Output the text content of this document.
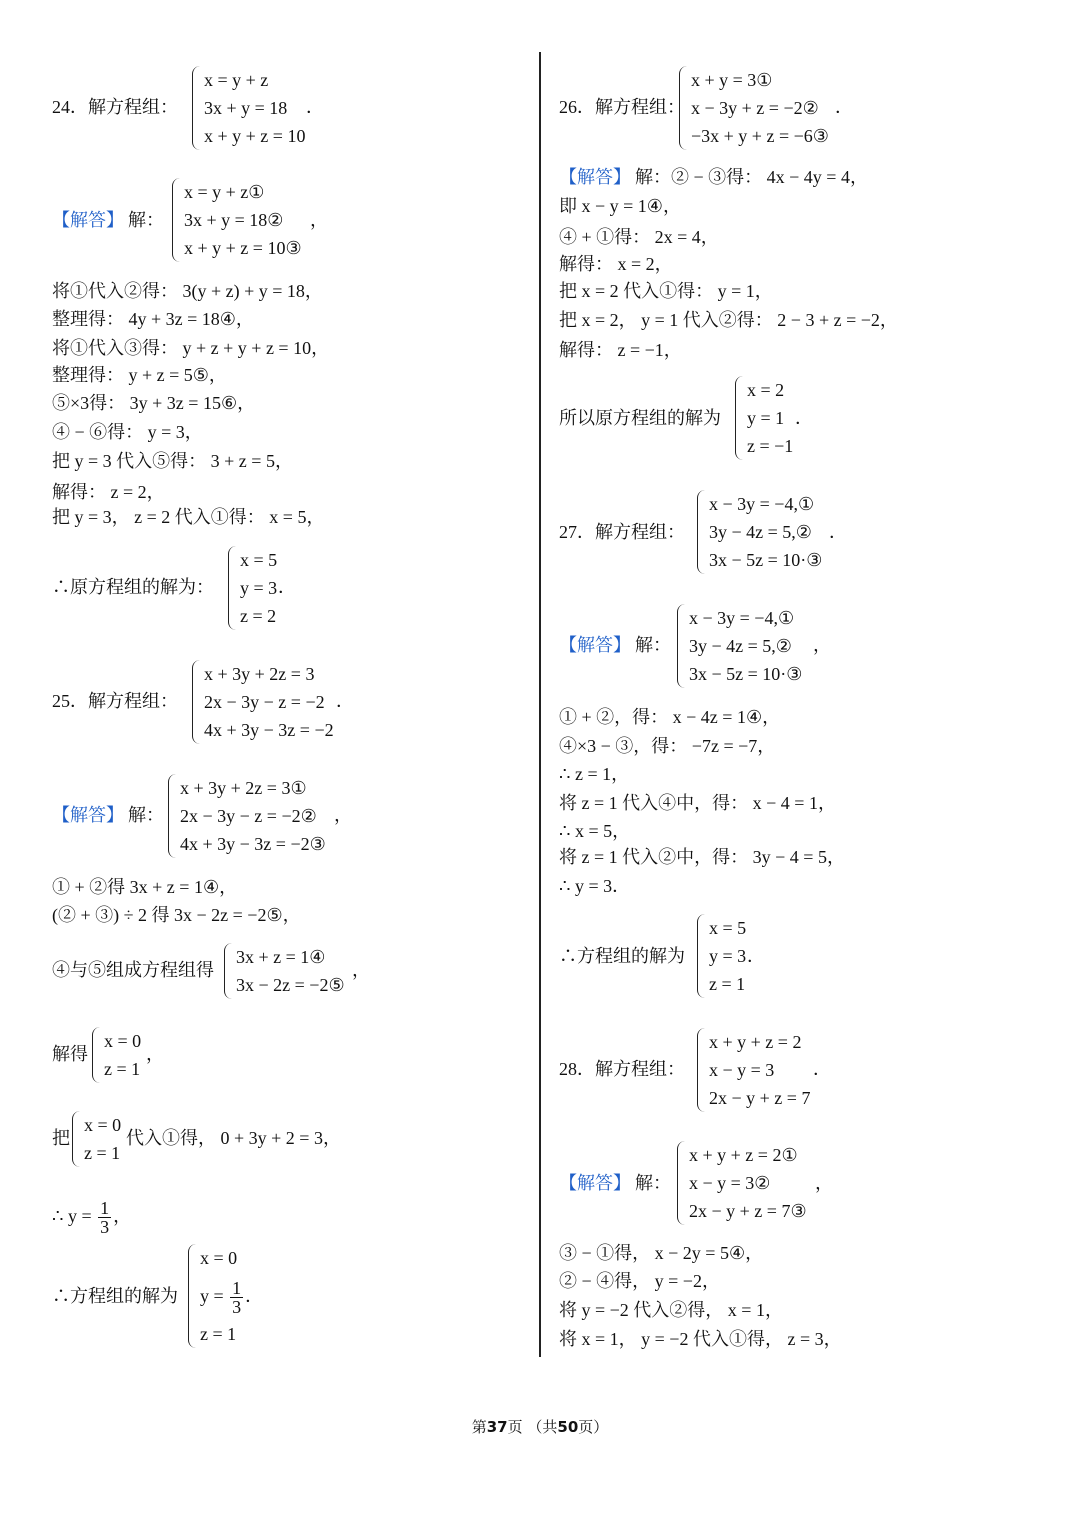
24．解方程组：
x = y + z
3x + y = 18
x + y + z = 10
．
【解答】 解：
x = y + z①
3x + y = 18②
x + y + z = 10③
，
将①代入②得： 3(y + z) + y = 18，
整理得： 4y + 3z = 18④，
将①代入③得： y + z + y + z = 10，
整理得： y + z = 5⑤，
⑤×3得： 3y + 3z = 15⑥，
④ − ⑥得： y = 3，
把 y = 3 代入⑤得： 3 + z = 5，
解得： z = 2，
把 y = 3， z = 2 代入①得： x = 5，
∴原方程组的解为：
x = 5
y = 3
z = 2
．
25．解方程组：
x + 3y + 2z = 3
2x − 3y − z = −2
4x + 3y − 3z = −2
．
【解答】 解：
x + 3y + 2z = 3①
2x − 3y − z = −2②
4x + 3y − 3z = −2③
，
① + ②得 3x + z = 1④，
(② + ③) ÷ 2 得 3x − 2z = −2⑤，
④与⑤组成方程组得
3x + z = 1④
3x − 2z = −2⑤
，
解得
x = 0
z = 1
，
把
x = 0
z = 1
代入①得， 0 + 3y + 2 = 3，
∴ $y = \frac{1}{3}$ ，
∴方程组的解为
x = 0
$y = \frac{1}{3}$ ．
z = 1
26．解方程组：
x + y = 3①
x − 3y + z = −2②
−3x + y + z = −6③
．
【解答】 解：② − ③得： 4x − 4y = 4，
即 x − y = 1④，
④ + ①得： 2x = 4，
解得： x = 2，
把 x = 2 代入①得： y = 1，
把 x = 2， y = 1 代入②得： 2 − 3 + z = −2，
解得： z = −1，
所以原方程组的解为
x = 2
y = 1
z = −1
．
27．解方程组：
x − 3y = −4,①
3y − 4z = 5,②
3x − 5z = 10·③
．
【解答】 解：
x − 3y = −4,①
3y − 4z = 5,②
3x − 5z = 10·③
，
① + ②，得： x − 4z = 1④，
④×3 − ③，得： −7z = −7，
∴ z = 1，
将 z = 1 代入④中，得： x − 4 = 1，
∴ x = 5，
将 z = 1 代入②中，得： 3y − 4 = 5，
∴ y = 3．
∴方程组的解为
x = 5
y = 3
z = 1
．
28．解方程组：
x + y + z = 2
x − y = 3
2x − y + z = 7
．
【解答】 解：
x + y + z = 2①
x − y = 3②
2x − y + z = 7③
，
③ − ①得， x − 2y = 5④，
② − ④得， y = −2，
将 y = −2 代入②得， x = 1，
将 x = 1， y = −2 代入①得， z = 3，
第37页 （共50页）
